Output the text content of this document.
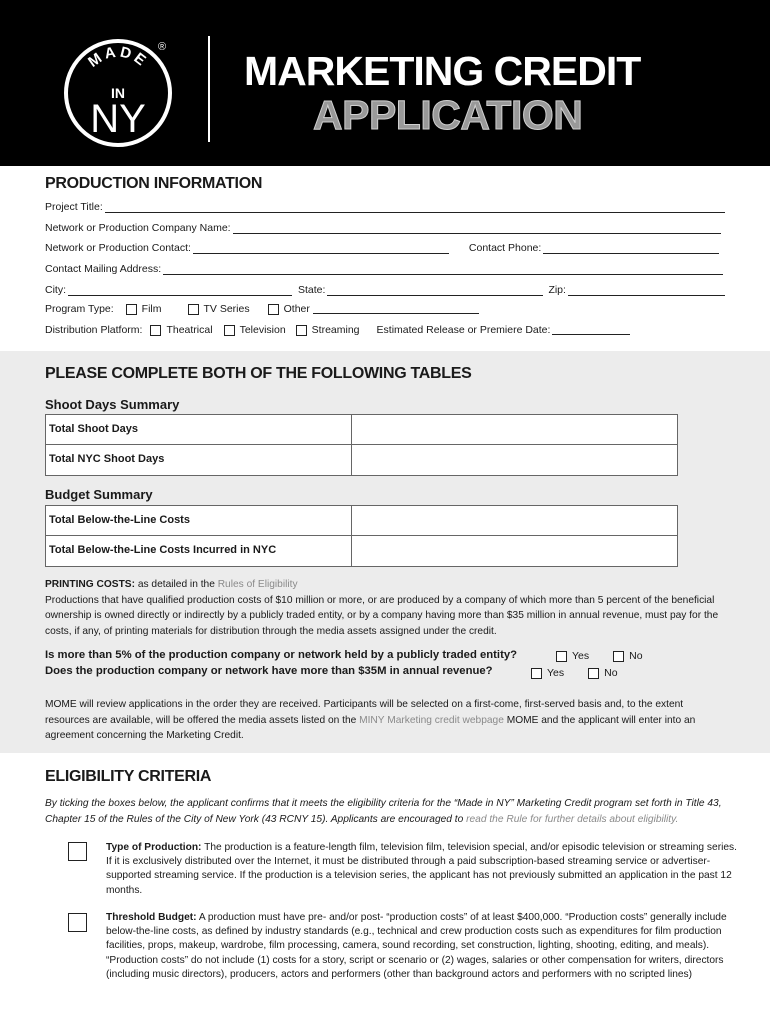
MADE
IN
NY
®
MARKETING CREDIT
APPLICATION
PRODUCTION INFORMATION
Project Title:
Network or Production Company Name:
Network or Production Contact:	Contact Phone:
Contact Mailing Address:
City:	State:	Zip:
Program Type:	Film	TV Series	Other
Distribution Platform: Theatrical	Television Streaming Estimated Release or Premiere Date:
PLEASE COMPLETE BOTH OF THE FOLLOWING TABLES
Shoot Days Summary
Total Shoot Days
Total NYC Shoot Days
Budget Summary
Total Below-the-Line Costs
Total Below-the-Line Costs Incurred in NYC
PRINTING COSTS: as detailed in the Rules of Eligibility
Productions that have qualified production costs of $10 million or more, or are produced by a company of which more than 5 percent of the beneficial ownership is owned directly or indirectly by a publicly traded entity, or by a company having more than $35 million in annual revenue, must pay for the costs, if any, of printing materials for distribution through the media assets assigned under the credit.
Is more than 5% of the production company or network held by a publicly traded entity?	Yes	No
Does the production company or network have more than $35M in annual revenue?	Yes	No
MOME will review applications in the order they are received. Participants will be selected on a first-come, first-served basis and, to the extent resources are available, will be offered the media assets listed on the MINY Marketing credit webpage MOME and the applicant will enter into an agreement concerning the Marketing Credit.
ELIGIBILITY CRITERIA
By ticking the boxes below, the applicant confirms that it meets the eligibility criteria for the “Made in NY” Marketing Credit program set forth in Title 43, Chapter 15 of the Rules of the City of New York (43 RCNY 15). Applicants are encouraged to read the Rule for further details about eligibility.
Type of Production: The production is a feature-length film, television film, television special, and/or episodic television or streaming series. If it is exclusively distributed over the Internet, it must be distributed through a paid subscription-based streaming service or advertiser-supported streaming service. If the production is a television series, the applicant has not previously submitted an application in the past 12 months.
Threshold Budget: A production must have pre- and/or post- “production costs” of at least $400,000. “Production costs” generally include below-the-line costs, as defined by industry standards (e.g., technical and crew production costs such as expenditures for film production facilities, props, makeup, wardrobe, film processing, camera, sound recording, set construction, lighting, shooting, editing, and meals). “Production costs” do not include (1) costs for a story, script or scenario or (2) wages, salaries or other compensation for writers, directors (including music directors), producers, actors and performers (other than background actors and performers with no scripted lines)
